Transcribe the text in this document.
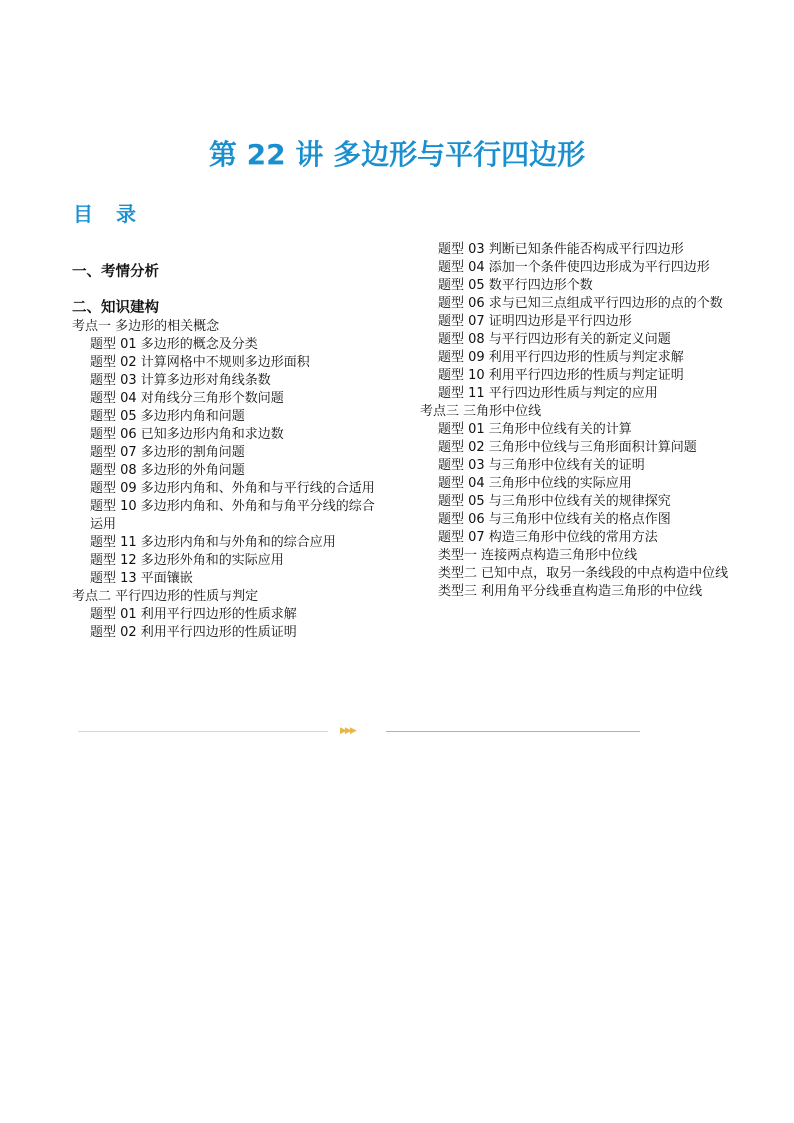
第 22 讲 多边形与平行四边形
目 录
一、考情分析
二、知识建构
考点一 多边形的相关概念
题型 01 多边形的概念及分类
题型 02 计算网格中不规则多边形面积
题型 03 计算多边形对角线条数
题型 04 对角线分三角形个数问题
题型 05 多边形内角和问题
题型 06 已知多边形内角和求边数
题型 07 多边形的割角问题
题型 08 多边形的外角问题
题型 09 多边形内角和、外角和与平行线的合适用
题型 10 多边形内角和、外角和与角平分线的综合运用
题型 11 多边形内角和与外角和的综合应用
题型 12 多边形外角和的实际应用
题型 13 平面镶嵌
考点二 平行四边形的性质与判定
题型 01 利用平行四边形的性质求解
题型 02 利用平行四边形的性质证明
题型 03 判断已知条件能否构成平行四边形
题型 04 添加一个条件使四边形成为平行四边形
题型 05 数平行四边形个数
题型 06 求与已知三点组成平行四边形的点的个数
题型 07 证明四边形是平行四边形
题型 08 与平行四边形有关的新定义问题
题型 09 利用平行四边形的性质与判定求解
题型 10 利用平行四边形的性质与判定证明
题型 11 平行四边形性质与判定的应用
考点三 三角形中位线
题型 01 三角形中位线有关的计算
题型 02 三角形中位线与三角形面积计算问题
题型 03 与三角形中位线有关的证明
题型 04 三角形中位线的实际应用
题型 05 与三角形中位线有关的规律探究
题型 06 与三角形中位线有关的格点作图
题型 07 构造三角形中位线的常用方法
类型一 连接两点构造三角形中位线
类型二 已知中点，取另一条线段的中点构造中位线
类型三 利用角平分线垂直构造三角形的中位线
▶▶▶
